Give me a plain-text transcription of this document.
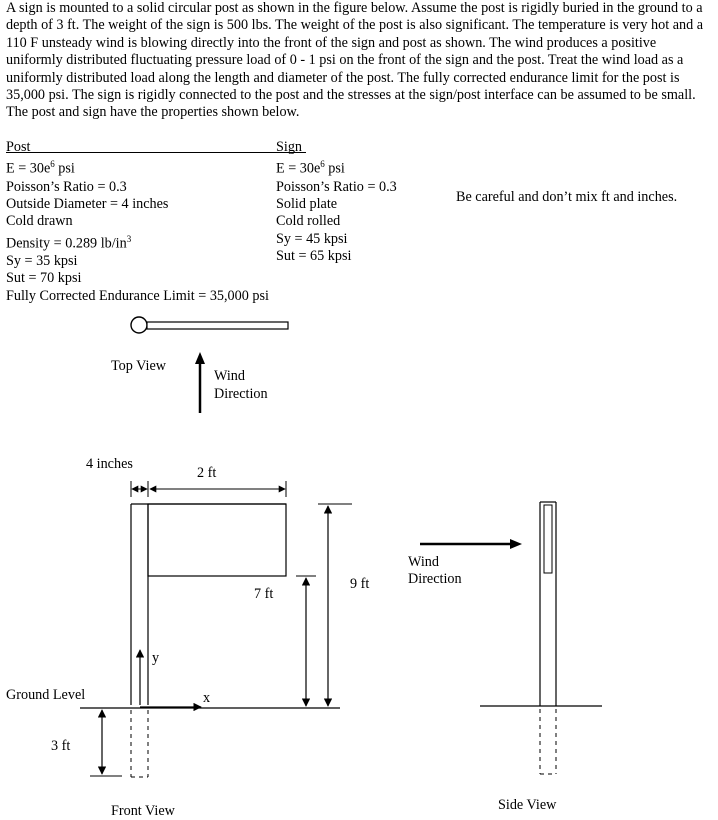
A sign is mounted to a solid circular post as shown in the figure below. Assume the post is rigidly buried in the ground to a depth of 3 ft. The weight of the sign is 500 lbs. The weight of the post is also significant. The temperature is very hot and a 110 F unsteady wind is blowing directly into the front of the sign and post as shown. The wind produces a positive uniformly distributed fluctuating pressure load of 0 - 1 psi on the front of the sign and the post. Treat the wind load as a uniformly distributed load along the length and diameter of the post. The fully corrected endurance limit for the post is 35,000 psi. The sign is rigidly connected to the post and the stresses at the sign/post interface can be assumed to be small. The post and sign have the properties shown below.

Post
$E = 30e^6$ psi
Poisson’s Ratio = 0.3
Outside Diameter = 4 inches
Cold drawn
Density = 0.289 $lb/in^3$
Sy = 35 kpsi
Sut = 70 kpsi
Fully Corrected Endurance Limit = 35,000 psi
Sign
$E = 30e^6$ psi
Poisson’s Ratio = 0.3
Solid plate
Cold rolled
Sy = 45 kpsi
Sut = 65 kpsi
Be careful and don’t mix ft and inches.
Top View
Wind
Direction
4 inches
2 ft
7 ft
9 ft
3 ft
y
x
Ground Level
Front View
Wind
Direction
Side View
